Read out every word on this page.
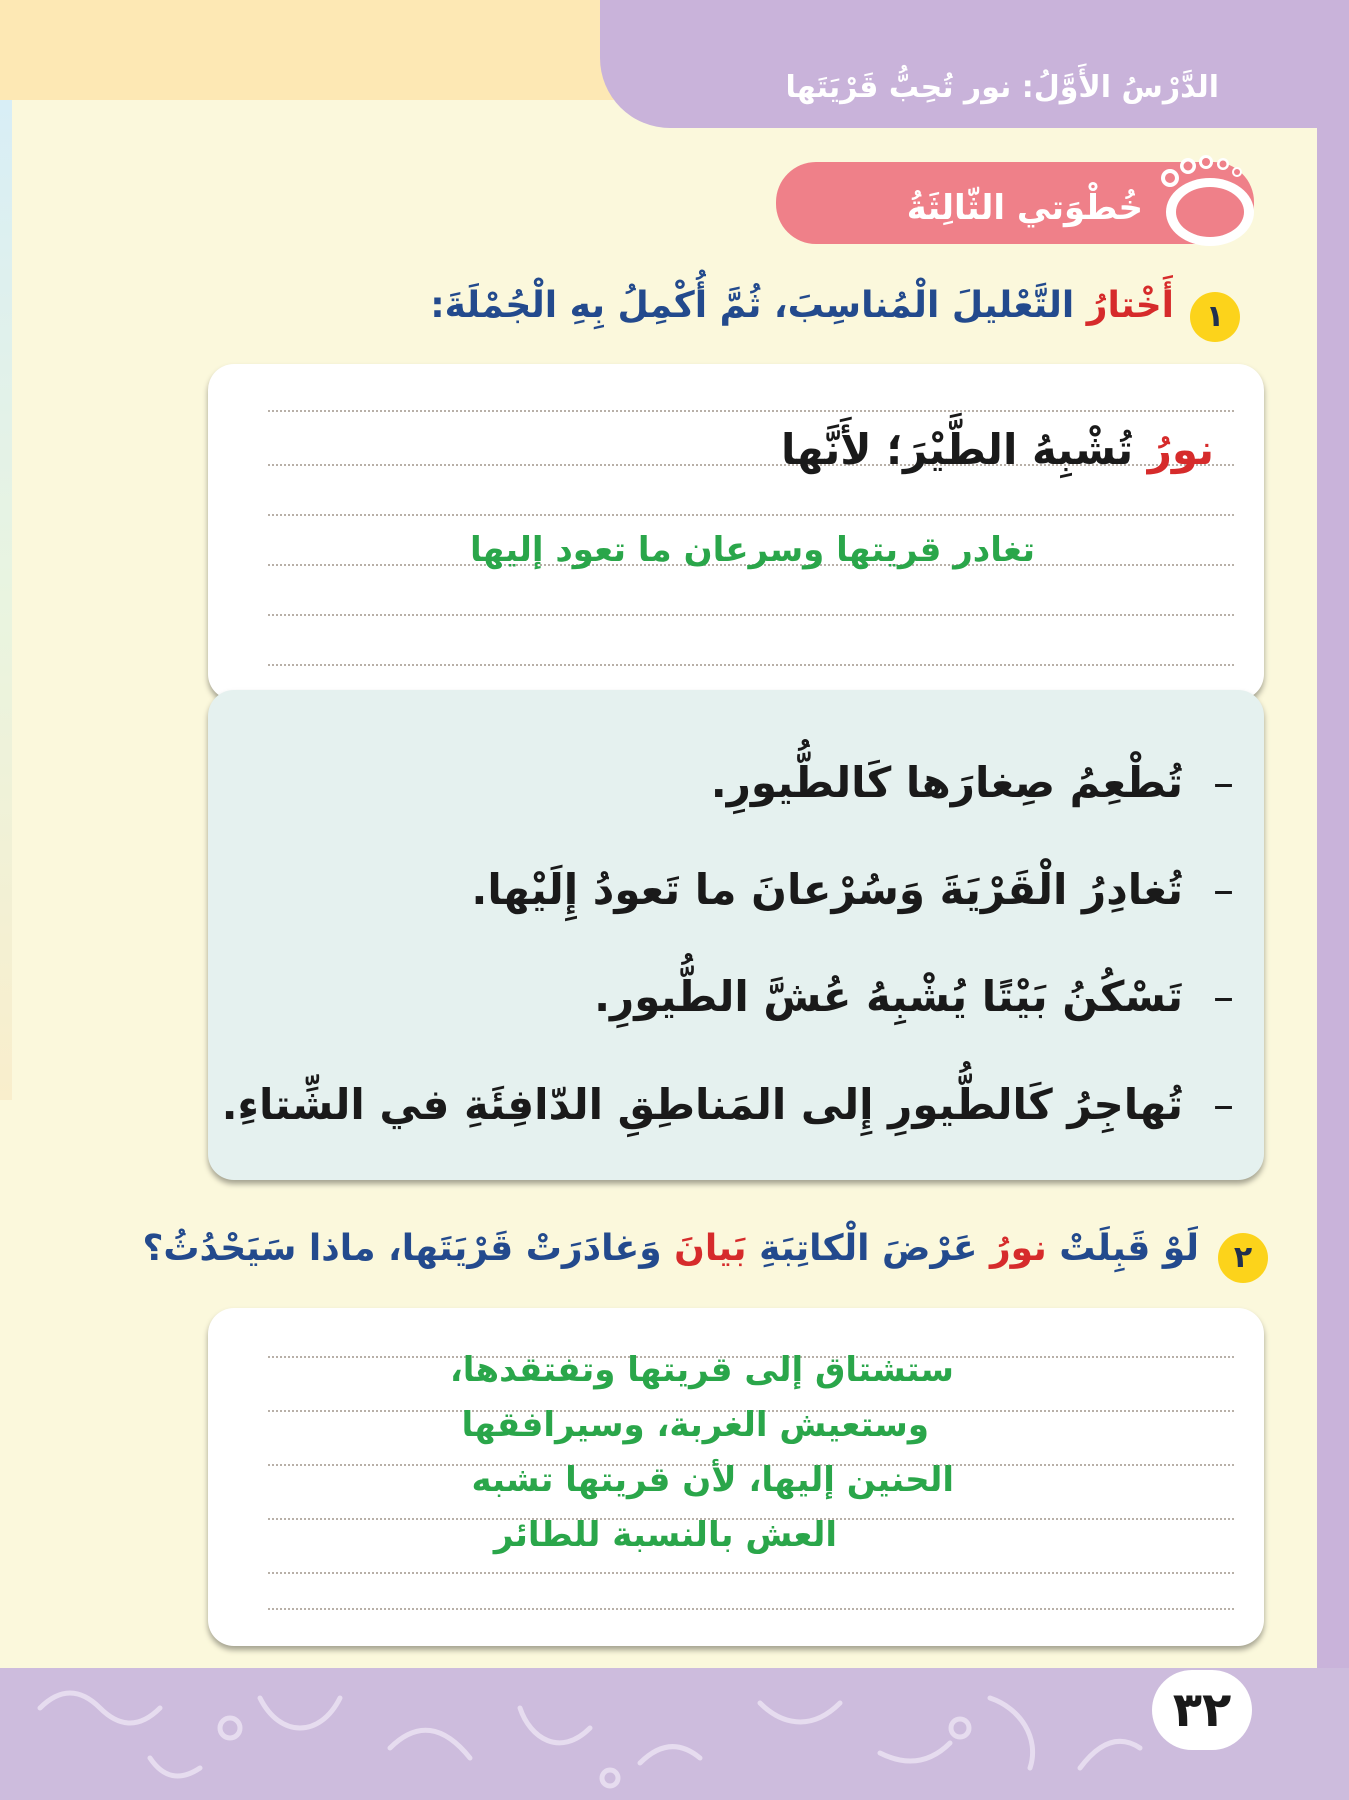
الدَّرْسُ الأَوَّلُ: نور تُحِبُّ قَرْيَتَها
خُطْوَتي الثّالِثَةُ
١
أَخْتارُ التَّعْليلَ الْمُناسِبَ، ثُمَّ أُكْمِلُ بِهِ الْجُمْلَةَ:
نورُ تُشْبِهُ الطَّيْرَ؛ لأَنَّها
تغادر قريتها وسرعان ما تعود إليها
–تُطْعِمُ صِغارَها كَالطُّيورِ.
–تُغادِرُ الْقَرْيَةَ وَسُرْعانَ ما تَعودُ إِلَيْها.
–تَسْكُنُ بَيْتًا يُشْبِهُ عُشَّ الطُّيورِ.
–تُهاجِرُ كَالطُّيورِ إِلى المَناطِقِ الدّافِئَةِ في الشِّتاءِ.
٢
لَوْ قَبِلَتْ نورُ عَرْضَ الْكاتِبَةِ بَيانَ وَغادَرَتْ قَرْيَتَها، ماذا سَيَحْدُثُ؟
ستشتاق إلى قريتها وتفتقدها،
وستعيش الغربة، وسيرافقها
الحنين إليها، لأن قريتها تشبه
العش بالنسبة للطائر
٣٢
